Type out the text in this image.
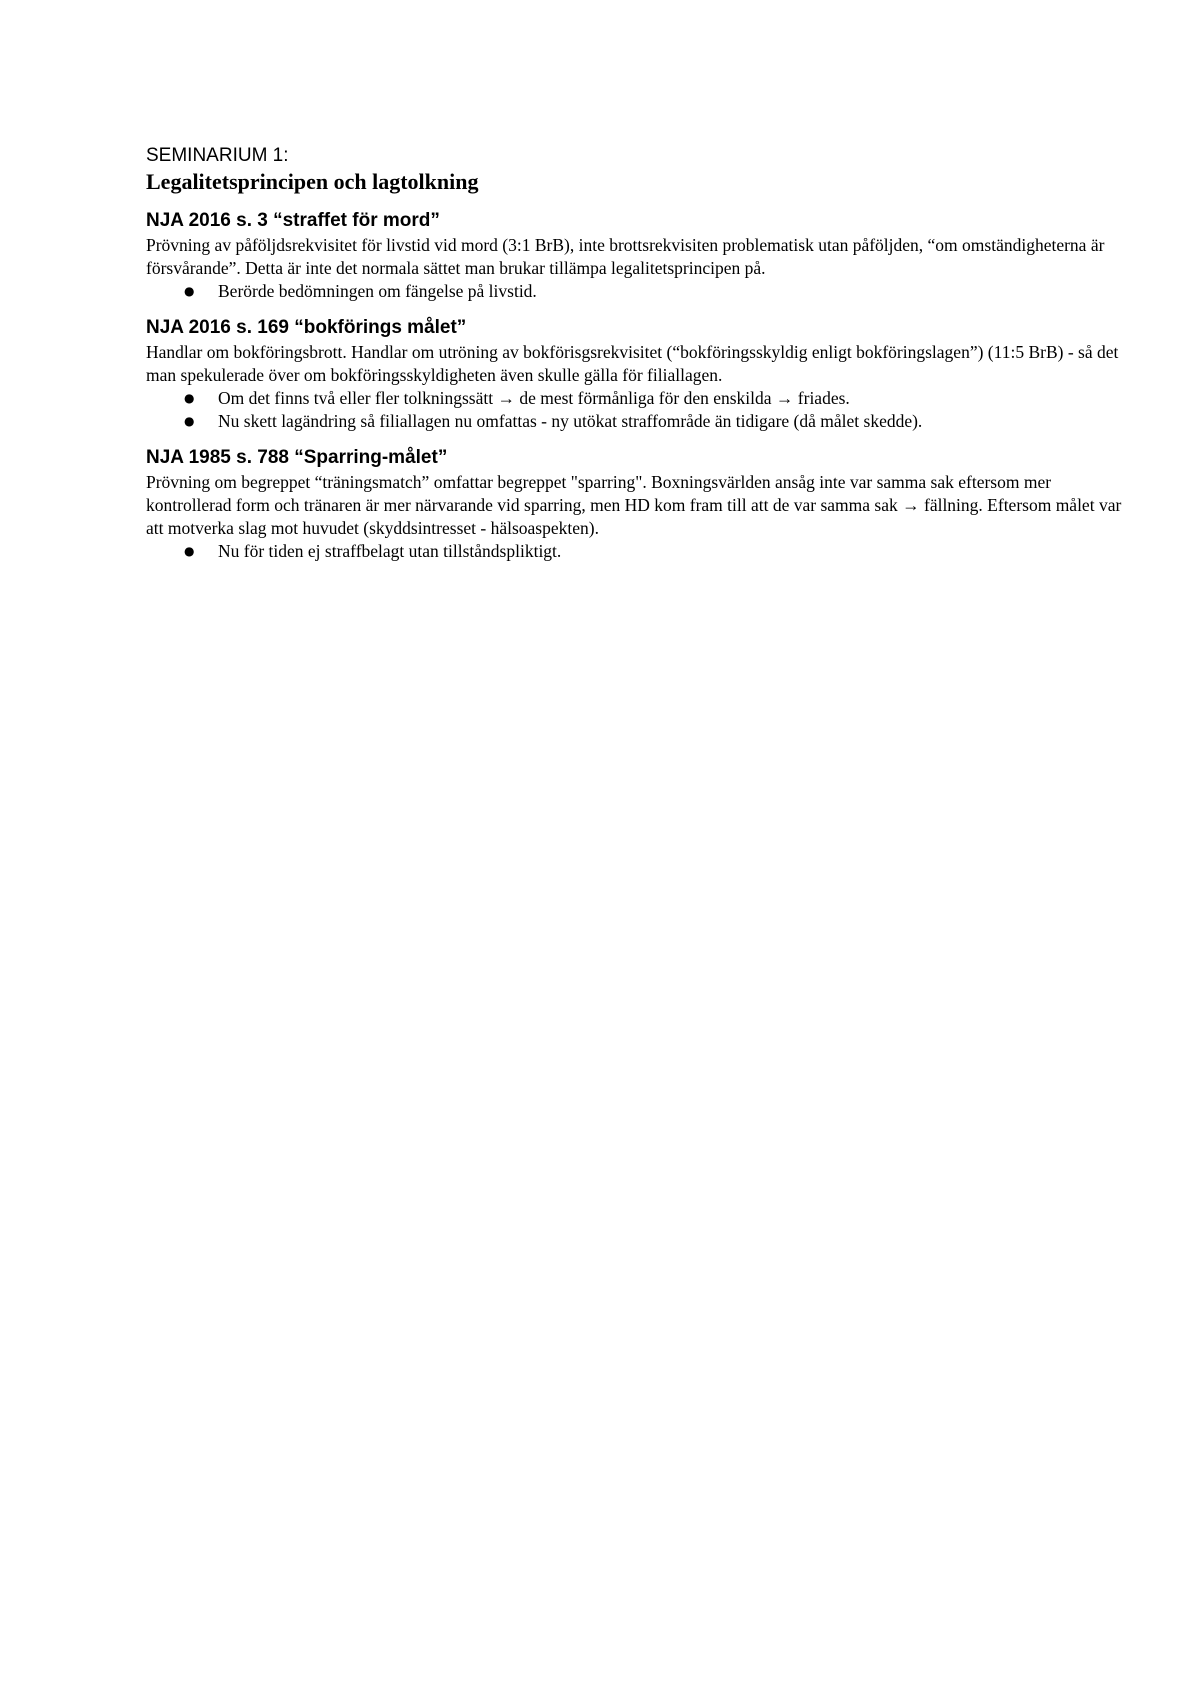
SEMINARIUM 1:
Legalitetsprincipen och lagtolkning
NJA 2016 s. 3 “straffet för mord”

Prövning av påföljdsrekvisitet för livstid vid mord (3:1 BrB), inte brottsrekvisiten problematisk utan påföljden, “om omständigheterna är försvårande”. Detta är inte det normala sättet man brukar tillämpa legalitetsprincipen på.

● Berörde bedömningen om fängelse på livstid.
NJA 2016 s. 169 “bokförings målet”

Handlar om bokföringsbrott. Handlar om utröning av bokförisgsrekvisitet (“bokföringsskyldig enligt bokföringslagen”) (11:5 BrB) - så det man spekulerade över om bokföringsskyldigheten även skulle gälla för filiallagen.

● Om det finns två eller fler tolkningssätt → de mest förmånliga för den enskilda → friades.
● Nu skett lagändring så filiallagen nu omfattas - ny utökat straffområde än tidigare (då målet skedde).
NJA 1985 s. 788 “Sparring-målet”

Prövning om begreppet “träningsmatch” omfattar begreppet "sparring". Boxningsvärlden ansåg inte var samma sak eftersom mer kontrollerad form och tränaren är mer närvarande vid sparring, men HD kom fram till att de var samma sak → fällning. Eftersom målet var att motverka slag mot huvudet (skyddsintresset - hälsoaspekten).

● Nu för tiden ej straffbelagt utan tillståndspliktigt.
